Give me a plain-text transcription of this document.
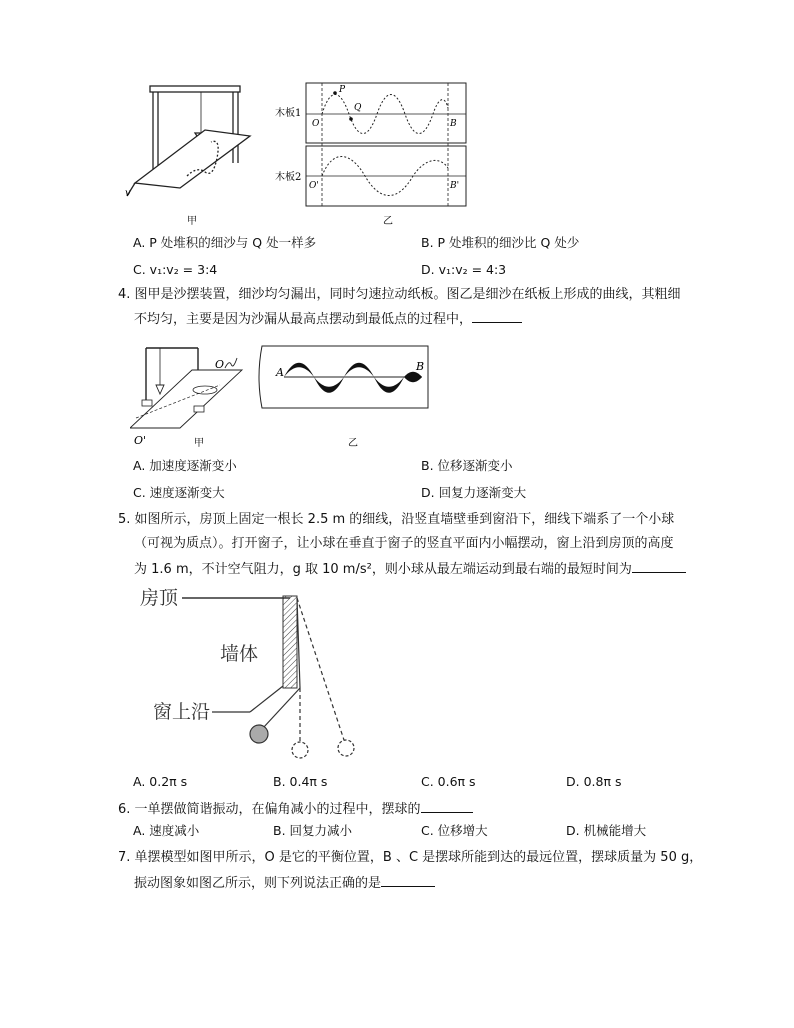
v
甲
木板1
木板2
P
Q
O	B
O'	B'
乙
A. P 处堆积的细沙与 Q 处一样多	B. P 处堆积的细沙比 Q 处少
C. v₁:v₂ = 3:4	D. v₁:v₂ = 4:3
4. 图甲是沙摆装置，细沙均匀漏出，同时匀速拉动纸板。图乙是细沙在纸板上形成的曲线，其粗细
不均匀，主要是因为沙漏从最高点摆动到最低点的过程中，
O
O'	甲
A	B
乙
A. 加速度逐渐变小	B. 位移逐渐变小
C. 速度逐渐变大	D. 回复力逐渐变大
5. 如图所示，房顶上固定一根长 2.5 m 的细线，沿竖直墙壁垂到窗沿下，细线下端系了一个小球
（可视为质点）。打开窗子，让小球在垂直于窗子的竖直平面内小幅摆动，窗上沿到房顶的高度
为 1.6 m，不计空气阻力，g 取 10 m/s²，则小球从最左端运动到最右端的最短时间为
房顶
墙体
窗上沿
A. 0.2π s	B. 0.4π s	C. 0.6π s	D. 0.8π s
6. 一单摆做简谐振动，在偏角减小的过程中，摆球的
A. 速度减小	B. 回复力减小	C. 位移增大	D. 机械能增大
7. 单摆模型如图甲所示，O 是它的平衡位置，B 、C 是摆球所能到达的最远位置，摆球质量为 50 g，
振动图象如图乙所示，则下列说法正确的是
